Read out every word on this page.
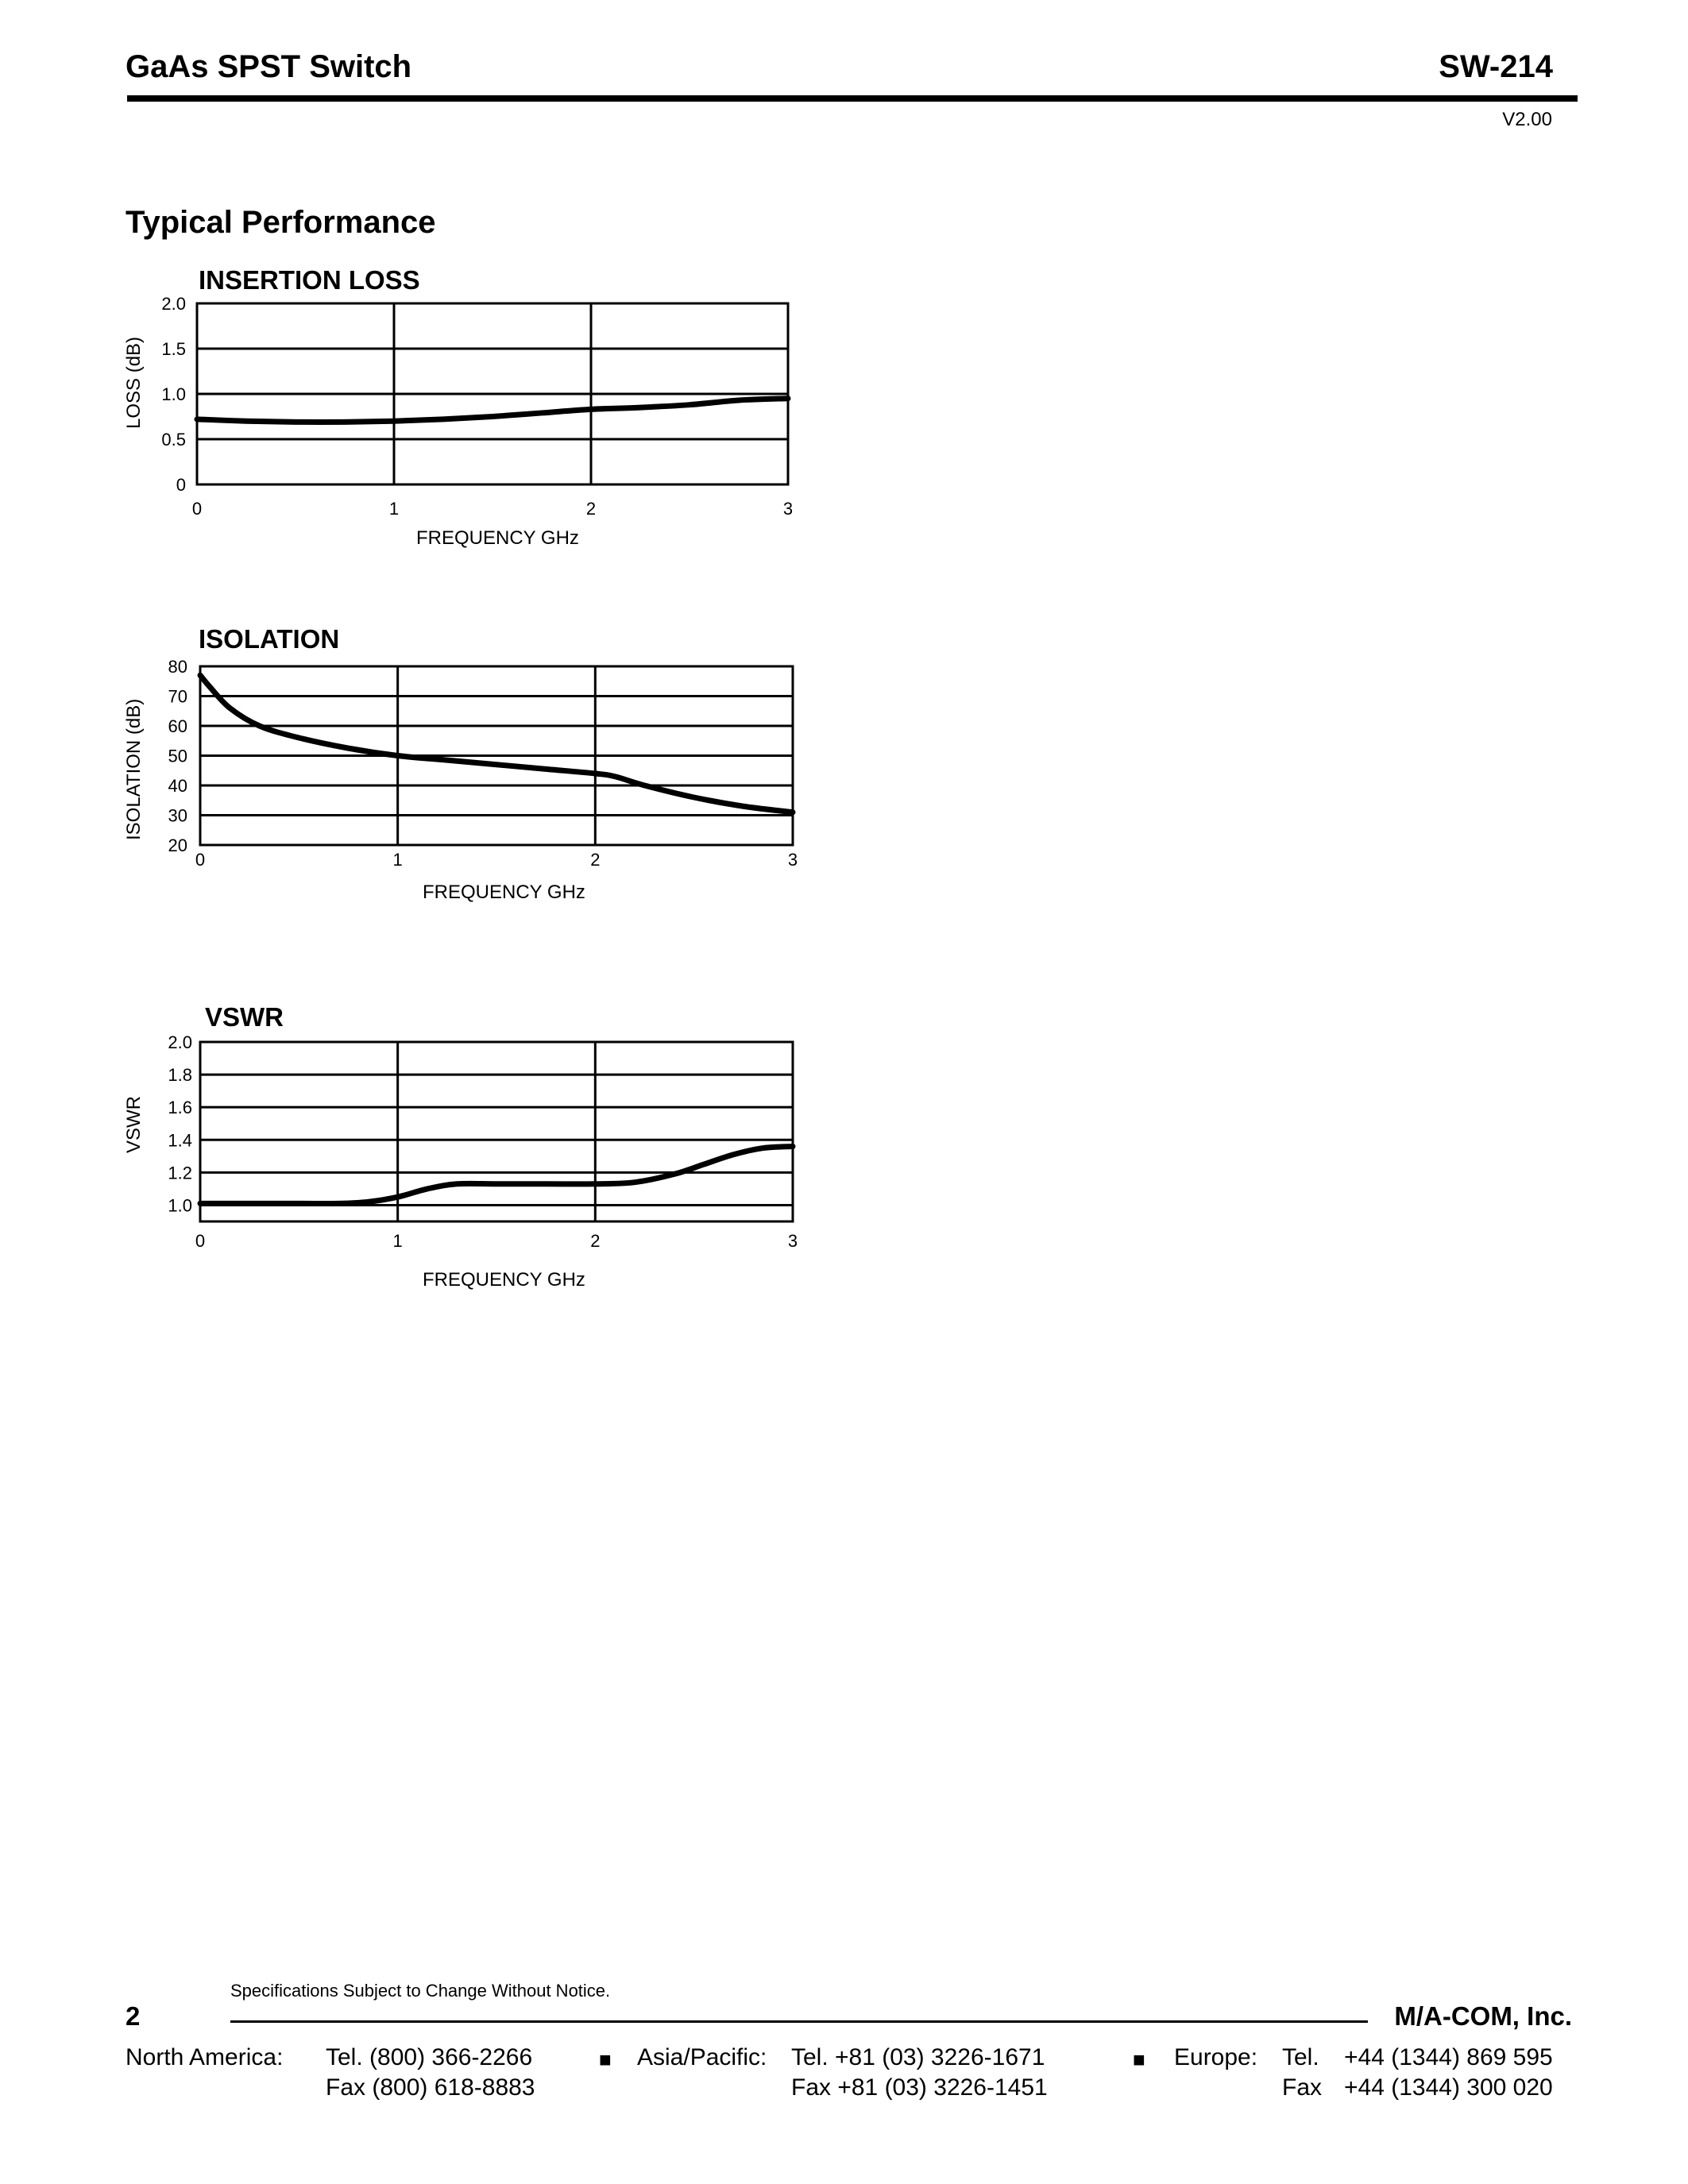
GaAs SPST Switch	SW-214
V2.00
Typical Performance
INSERTION LOSS
LOSS (dB)
2.0
1.5
1.0
0.5
0
0	1	2	3
FREQUENCY GHz
ISOLATION
ISOLATION (dB)
80
70
60
50
40
30
20
0	1	2	3
FREQUENCY GHz
VSWR
VSWR
2.0
1.8
1.6
1.4
1.2
1.0
0	1	2	3
FREQUENCY GHz
Specifications Subject to Change Without Notice.
2	M/A-COM, Inc.
North America: Tel. (800) 366-2266
Fax (800) 618-8883
■ Asia/Pacific: Tel. +81 (03) 3226-1671
Fax +81 (03) 3226-1451
■ Europe: Tel. +44 (1344) 869 595
Fax +44 (1344) 300 020
